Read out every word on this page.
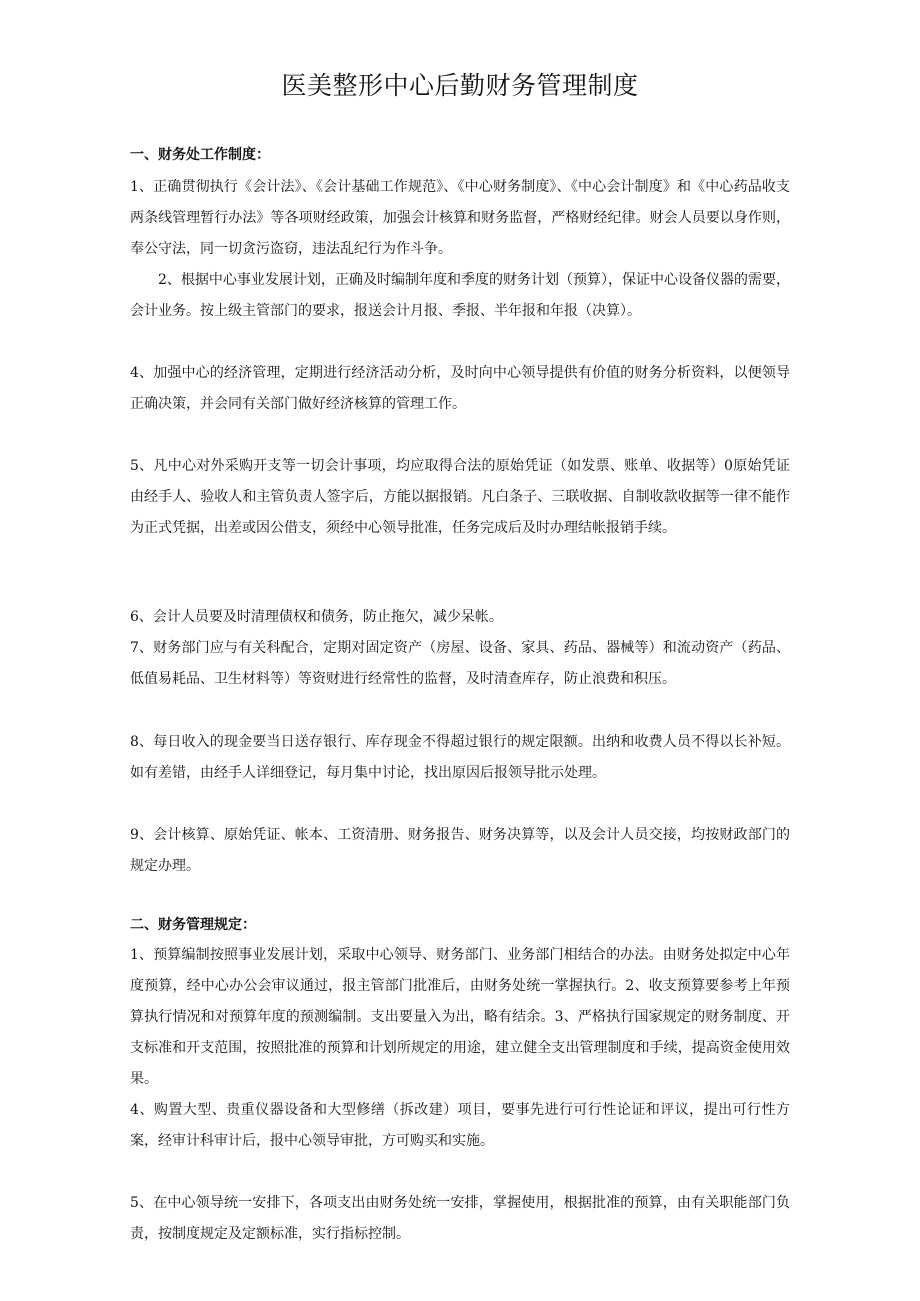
医美整形中心后勤财务管理制度

一、财务处工作制度：

1、正确贯彻执行《会计法》、《会计基础工作规范》、《中心财务制度》、《中心会计制度》和《中心药品收支两条线管理暂行办法》等各项财经政策，加强会计核算和财务监督，严格财经纪律。财会人员要以身作则，奉公守法，同一切贪污盗窃，违法乱纪行为作斗争。

2、根据中心事业发展计划，正确及时编制年度和季度的财务计划（预算），保证中心设备仪器的需要，会计业务。按上级主管部门的要求，报送会计月报、季报、半年报和年报（决算）。

4、加强中心的经济管理，定期进行经济活动分析，及时向中心领导提供有价值的财务分析资料，以便领导正确决策，并会同有关部门做好经济核算的管理工作。

5、凡中心对外采购开支等一切会计事项，均应取得合法的原始凭证（如发票、账单、收据等）0原始凭证由经手人、验收人和主管负责人签字后，方能以据报销。凡白条子、三联收据、自制收款收据等一律不能作为正式凭据，出差或因公借支，须经中心领导批准，任务完成后及时办理结帐报销手续。

6、会计人员要及时清理债权和债务，防止拖欠，减少呆帐。

7、财务部门应与有关科配合，定期对固定资产（房屋、设备、家具、药品、器械等）和流动资产（药品、低值易耗品、卫生材料等）等资财进行经常性的监督，及时清查库存，防止浪费和积压。

8、每日收入的现金要当日送存银行、库存现金不得超过银行的规定限额。出纳和收费人员不得以长补短。如有差错，由经手人详细登记，每月集中讨论，找出原因后报领导批示处理。

9、会计核算、原始凭证、帐本、工资清册、财务报告、财务决算等，以及会计人员交接，均按财政部门的规定办理。

二、财务管理规定：

1、预算编制按照事业发展计划，采取中心领导、财务部门、业务部门相结合的办法。由财务处拟定中心年度预算，经中心办公会审议通过，报主管部门批准后，由财务处统一掌握执行。2、收支预算要参考上年预算执行情况和对预算年度的预测编制。支出要量入为出，略有结余。3、严格执行国家规定的财务制度、开支标准和开支范围，按照批准的预算和计划所规定的用途，建立健全支出管理制度和手续，提高资金使用效果。

4、购置大型、贵重仪器设备和大型修缮（拆改建）项目，要事先进行可行性论证和评议，提出可行性方案，经审计科审计后，报中心领导审批，方可购买和实施。

5、在中心领导统一安排下，各项支出由财务处统一安排，掌握使用，根据批准的预算，由有关职能部门负责，按制度规定及定额标准，实行指标控制。
